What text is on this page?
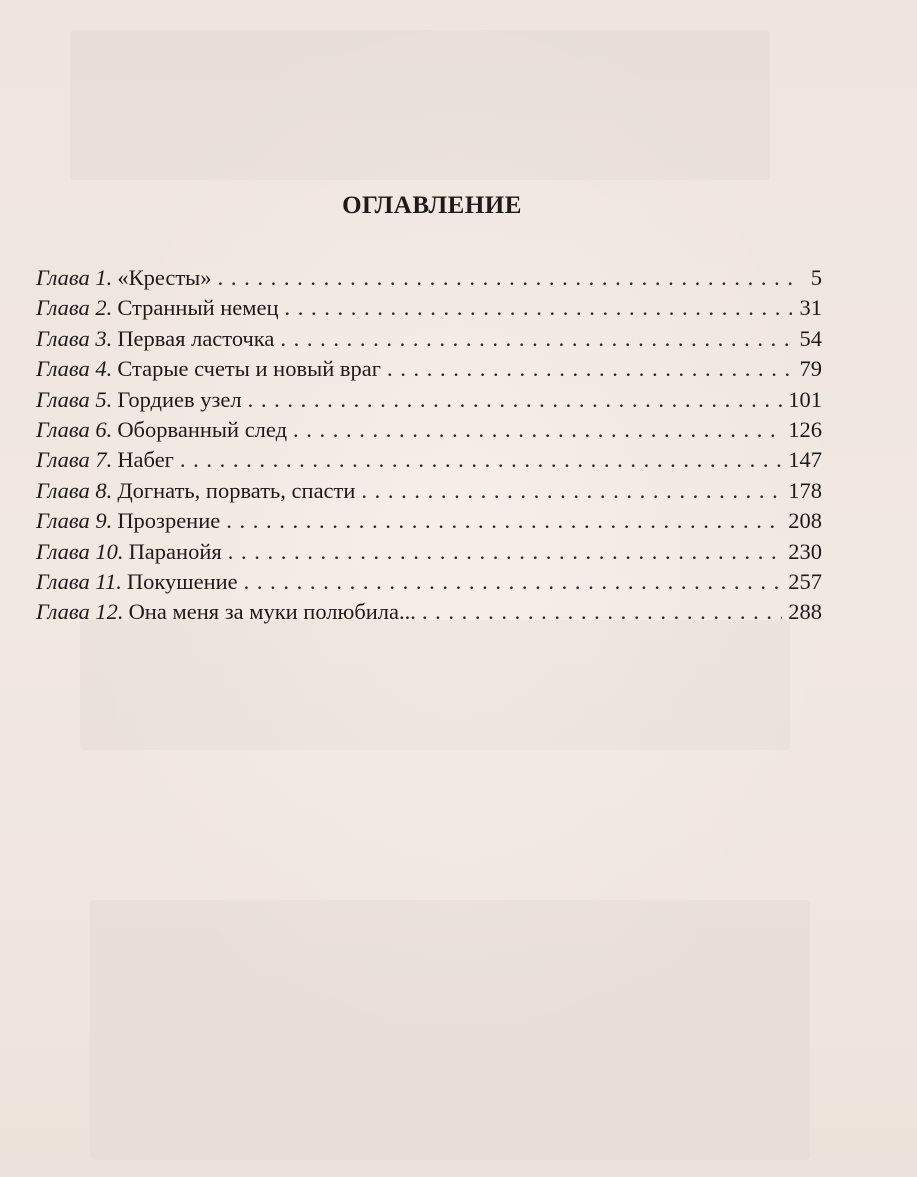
ОГЛАВЛЕНИЕ
Глава 1. «Кресты» . . .	5
Глава 2. Странный немец . . .	31
Глава 3. Первая ласточка . . .	54
Глава 4. Старые счеты и новый враг . . .	79
Глава 5. Гордиев узел . . .	101
Глава 6. Оборванный след . . .	126
Глава 7. Набег . . .	147
Глава 8. Догнать, порвать, спасти . . .	178
Глава 9. Прозрение . . .	208
Глава 10. Паранойя . . .	230
Глава 11. Покушение . . .	257
Глава 12. Она меня за муки полюбила... . . .	288
